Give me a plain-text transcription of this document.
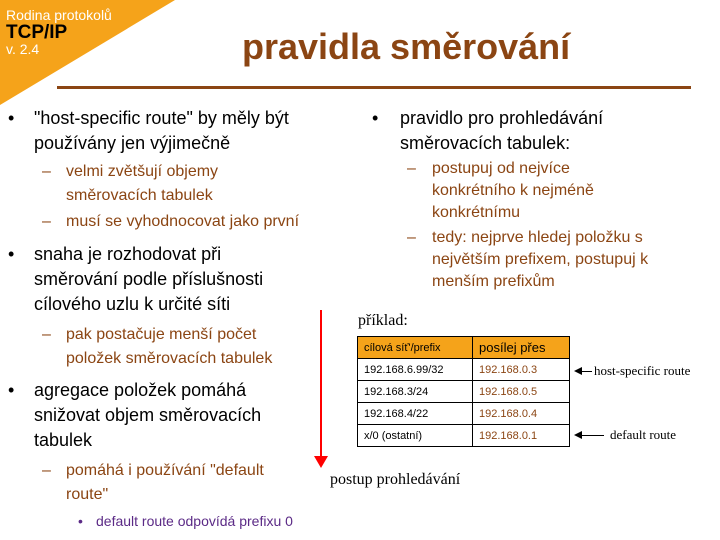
Rodina protokolů
TCP/IP
v. 2.4	pravidla směrování
• "host-specific route" by měly být
používány jen výjimečně
– velmi zvětšují objemy
směrovacích tabulek
– musí se vyhodnocovat jako první
• snaha je rozhodovat při
směrování podle příslušnosti
cílového uzlu k určité síti
– pak postačuje menší počet
položek směrovacích tabulek
• agregace položek pomáhá
snižovat objem směrovacích
tabulek
– pomáhá i používání "default
route"
• default route odpovídá prefixu 0
• pravidlo pro prohledávání
směrovacích tabulek:
– postupuj od nejvíce
konkrétního k nejméně
konkrétnímu
– tedy: nejprve hledej položku s
největším prefixem, postupuj k
menším prefixům
příklad:
postup prohledávání
cílová síť'/prefix	posílej přes
192.168.6.99/32	192.168.0.3
192.168.3/24	192.168.0.5
192.168.4/22	192.168.0.4
x/0 (ostatní)	192.168.0.1
host-specific route
default route
